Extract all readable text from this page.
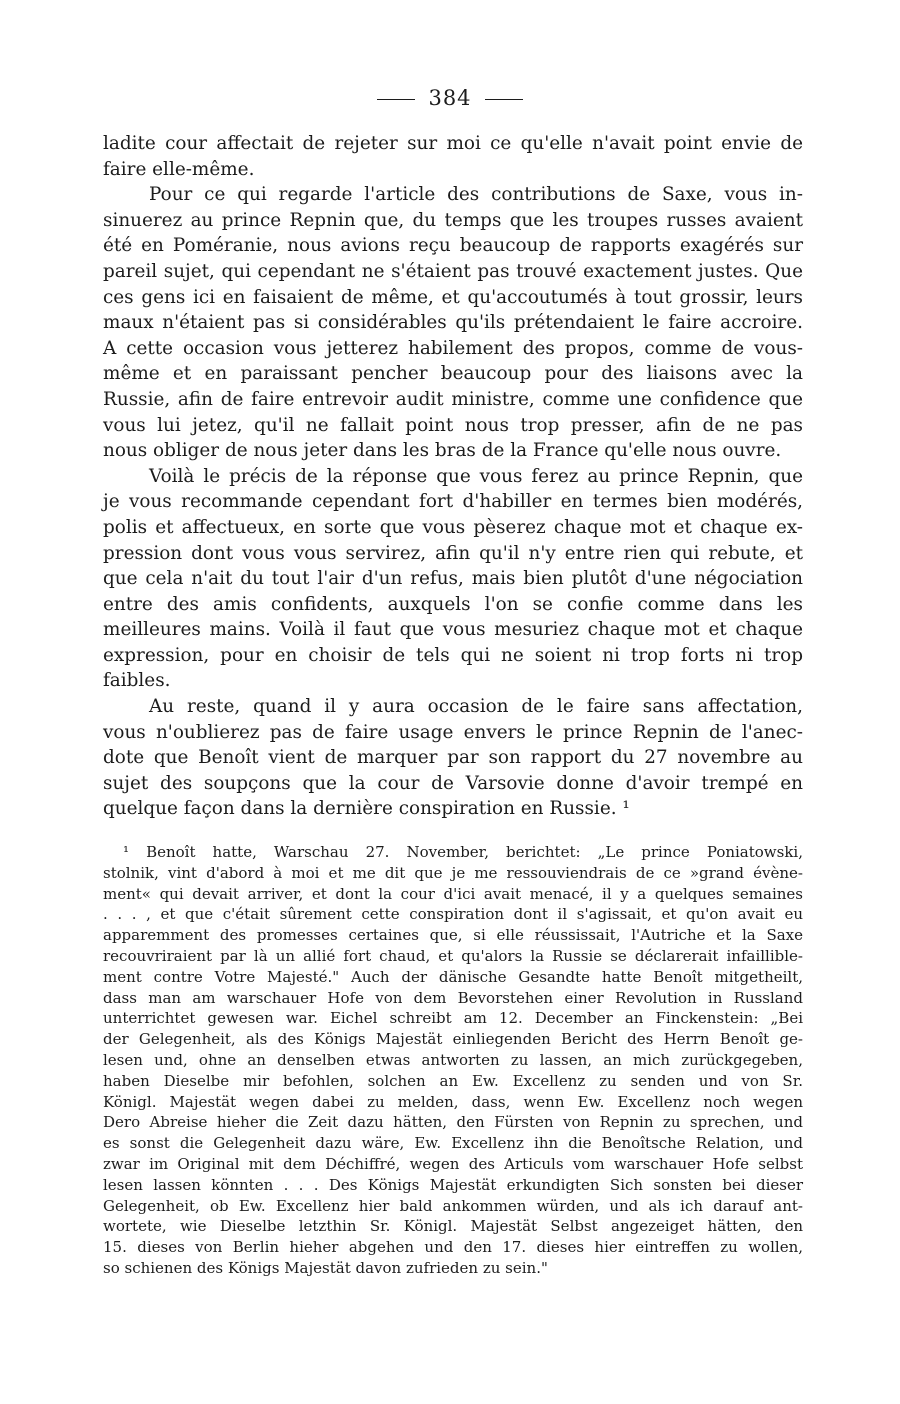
384
ladite cour affectait de rejeter sur moi ce qu'elle n'avait point envie de
faire elle-même.
Pour ce qui regarde l'article des contributions de Saxe, vous in-
sinuerez au prince Repnin que, du temps que les troupes russes avaient
été en Poméranie, nous avions reçu beaucoup de rapports exagérés sur
pareil sujet, qui cependant ne s'étaient pas trouvé exactement justes. Que
ces gens ici en faisaient de même, et qu'accoutumés à tout grossir, leurs
maux n'étaient pas si considérables qu'ils prétendaient le faire accroire.
A cette occasion vous jetterez habilement des propos, comme de vous-
même et en paraissant pencher beaucoup pour des liaisons avec la
Russie, afin de faire entrevoir audit ministre, comme une confidence que
vous lui jetez, qu'il ne fallait point nous trop presser, afin de ne pas
nous obliger de nous jeter dans les bras de la France qu'elle nous ouvre.
Voilà le précis de la réponse que vous ferez au prince Repnin, que
je vous recommande cependant fort d'habiller en termes bien modérés,
polis et affectueux, en sorte que vous pèserez chaque mot et chaque ex-
pression dont vous vous servirez, afin qu'il n'y entre rien qui rebute, et
que cela n'ait du tout l'air d'un refus, mais bien plutôt d'une négociation
entre des amis confidents, auxquels l'on se confie comme dans les
meilleures mains. Voilà il faut que vous mesuriez chaque mot et chaque
expression, pour en choisir de tels qui ne soient ni trop forts ni trop
faibles.
Au reste, quand il y aura occasion de le faire sans affectation,
vous n'oublierez pas de faire usage envers le prince Repnin de l'anec-
dote que Benoît vient de marquer par son rapport du 27 novembre au
sujet des soupçons que la cour de Varsovie donne d'avoir trempé en
quelque façon dans la dernière conspiration en Russie. ¹
¹ Benoît hatte, Warschau 27. November, berichtet: „Le prince Poniatowski,
stolnik, vint d'abord à moi et me dit que je me ressouviendrais de ce »grand évène-
ment« qui devait arriver, et dont la cour d'ici avait menacé, il y a quelques semaines
. . . , et que c'était sûrement cette conspiration dont il s'agissait, et qu'on avait eu
apparemment des promesses certaines que, si elle réussissait, l'Autriche et la Saxe
recouvriraient par là un allié fort chaud, et qu'alors la Russie se déclarerait infaillible-
ment contre Votre Majesté." Auch der dänische Gesandte hatte Benoît mitgetheilt,
dass man am warschauer Hofe von dem Bevorstehen einer Revolution in Russland
unterrichtet gewesen war. Eichel schreibt am 12. December an Finckenstein: „Bei
der Gelegenheit, als des Königs Majestät einliegenden Bericht des Herrn Benoît ge-
lesen und, ohne an denselben etwas antworten zu lassen, an mich zurückgegeben,
haben Dieselbe mir befohlen, solchen an Ew. Excellenz zu senden und von Sr.
Königl. Majestät wegen dabei zu melden, dass, wenn Ew. Excellenz noch wegen
Dero Abreise hieher die Zeit dazu hätten, den Fürsten von Repnin zu sprechen, und
es sonst die Gelegenheit dazu wäre, Ew. Excellenz ihn die Benoîtsche Relation, und
zwar im Original mit dem Déchiffré, wegen des Articuls vom warschauer Hofe selbst
lesen lassen könnten . . . Des Königs Majestät erkundigten Sich sonsten bei dieser
Gelegenheit, ob Ew. Excellenz hier bald ankommen würden, und als ich darauf ant-
wortete, wie Dieselbe letzthin Sr. Königl. Majestät Selbst angezeiget hätten, den
15. dieses von Berlin hieher abgehen und den 17. dieses hier eintreffen zu wollen,
so schienen des Königs Majestät davon zufrieden zu sein."
